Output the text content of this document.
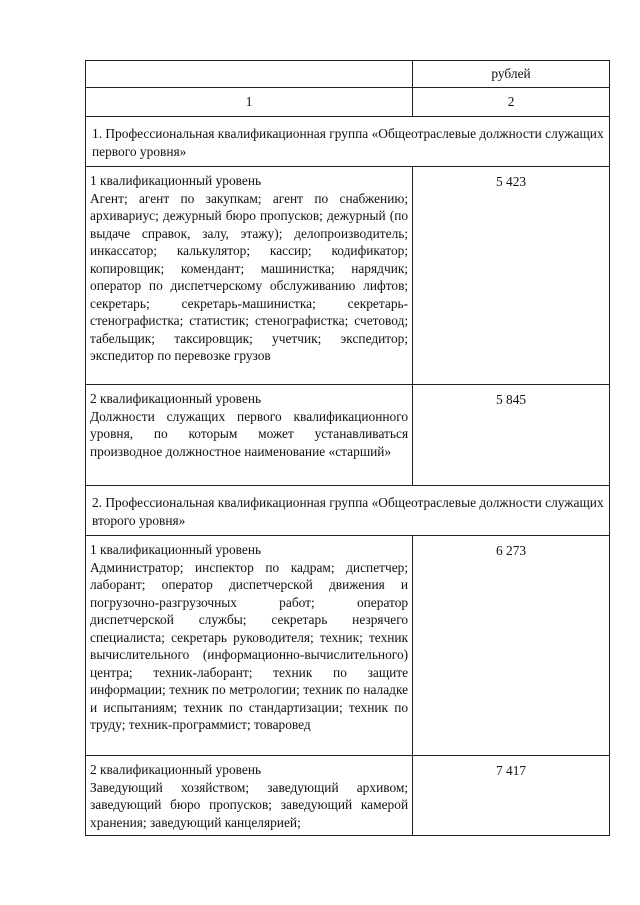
	рублей
1	2
1. Профессиональная квалификационная группа «Общеотраслевые должности служащих первого уровня»	

1 квалификационный уровень
Агент; агент по закупкам; агент по снабжению; архивариус; дежурный бюро пропусков; дежурный (по выдаче справок, залу, этажу); делопроизводитель; инкассатор; калькулятор; кассир; кодификатор; копировщик; комендант; машинистка; нарядчик; оператор по диспетчерскому обслуживанию лифтов; секретарь; секретарь-машинистка; секретарь-стенографистка; статистик; стенографистка; счетовод; табельщик; таксировщик; учетчик; экспедитор; экспедитор по перевозке грузов	5 423

2 квалификационный уровень
Должности служащих первого квалификационного уровня, по которым может устанавливаться производное должностное наименование «старший»	5 845
2. Профессиональная квалификационная группа «Общеотраслевые должности служащих второго уровня»	

1 квалификационный уровень
Администратор; инспектор по кадрам; диспетчер; лаборант; оператор диспетчерской движения и погрузочно-разгрузочных работ; оператор диспетчерской службы; секретарь незрячего специалиста; секретарь руководителя; техник; техник вычислительного (информационно-вычислительного) центра; техник-лаборант; техник по защите информации; техник по метрологии; техник по наладке и испытаниям; техник по стандартизации; техник по труду; техник-программист; товаровед	6 273

2 квалификационный уровень
Заведующий хозяйством; заведующий архивом; заведующий бюро пропусков; заведующий камерой хранения; заведующий канцелярией;	7 417
